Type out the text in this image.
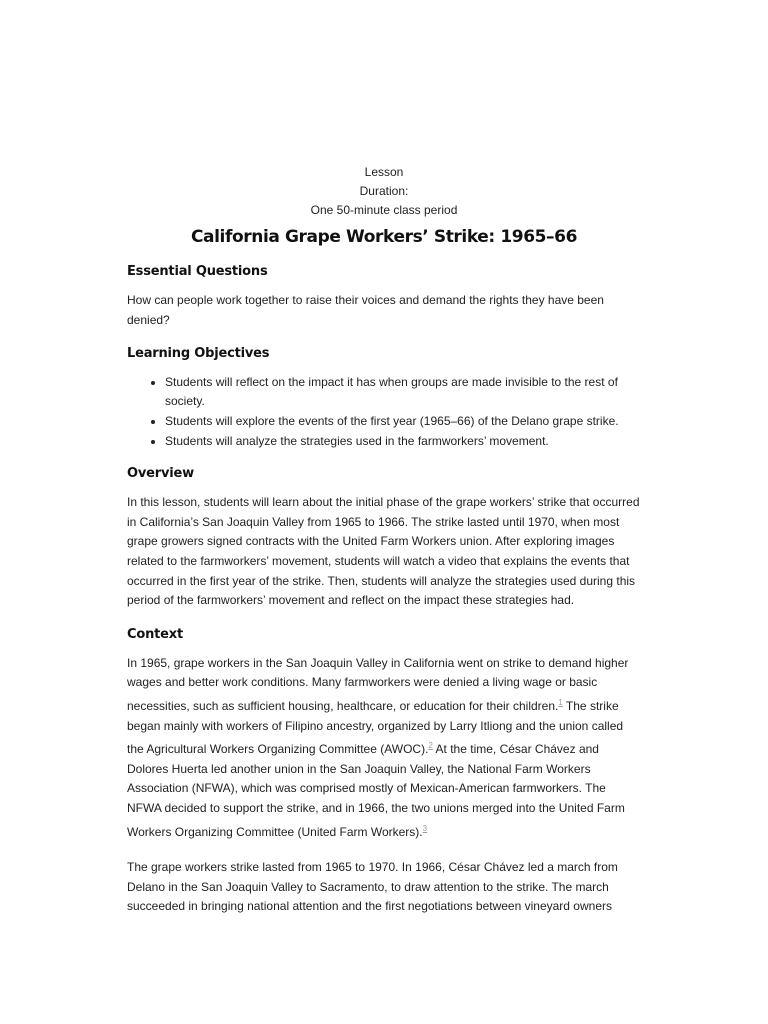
Lesson
Duration:
One 50-minute class period
California Grape Workers’ Strike: 1965–66
Essential Questions

How can people work together to raise their voices and demand the rights they have been denied?

Learning Objectives
• Students will reflect on the impact it has when groups are made invisible to the rest of society.
• Students will explore the events of the first year (1965–66) of the Delano grape strike.
• Students will analyze the strategies used in the farmworkers’ movement.
Overview

In this lesson, students will learn about the initial phase of the grape workers’ strike that occurred in California’s San Joaquin Valley from 1965 to 1966. The strike lasted until 1970, when most grape growers signed contracts with the United Farm Workers union. After exploring images related to the farmworkers’ movement, students will watch a video that explains the events that occurred in the first year of the strike. Then, students will analyze the strategies used during this period of the farmworkers’ movement and reflect on the impact these strategies had.

Context

In 1965, grape workers in the San Joaquin Valley in California went on strike to demand higher wages and better work conditions. Many farmworkers were denied a living wage or basic necessities, such as sufficient housing, healthcare, or education for their children.$^1$ The strike began mainly with workers of Filipino ancestry, organized by Larry Itliong and the union called the Agricultural Workers Organizing Committee (AWOC).$^2$ At the time, César Chávez and Dolores Huerta led another union in the San Joaquin Valley, the National Farm Workers Association (NFWA), which was comprised mostly of Mexican-American farmworkers. The NFWA decided to support the strike, and in 1966, the two unions merged into the United Farm Workers Organizing Committee (United Farm Workers).$^3$

The grape workers strike lasted from 1965 to 1970. In 1966, César Chávez led a march from Delano in the San Joaquin Valley to Sacramento, to draw attention to the strike. The march succeeded in bringing national attention and the first negotiations between vineyard owners
